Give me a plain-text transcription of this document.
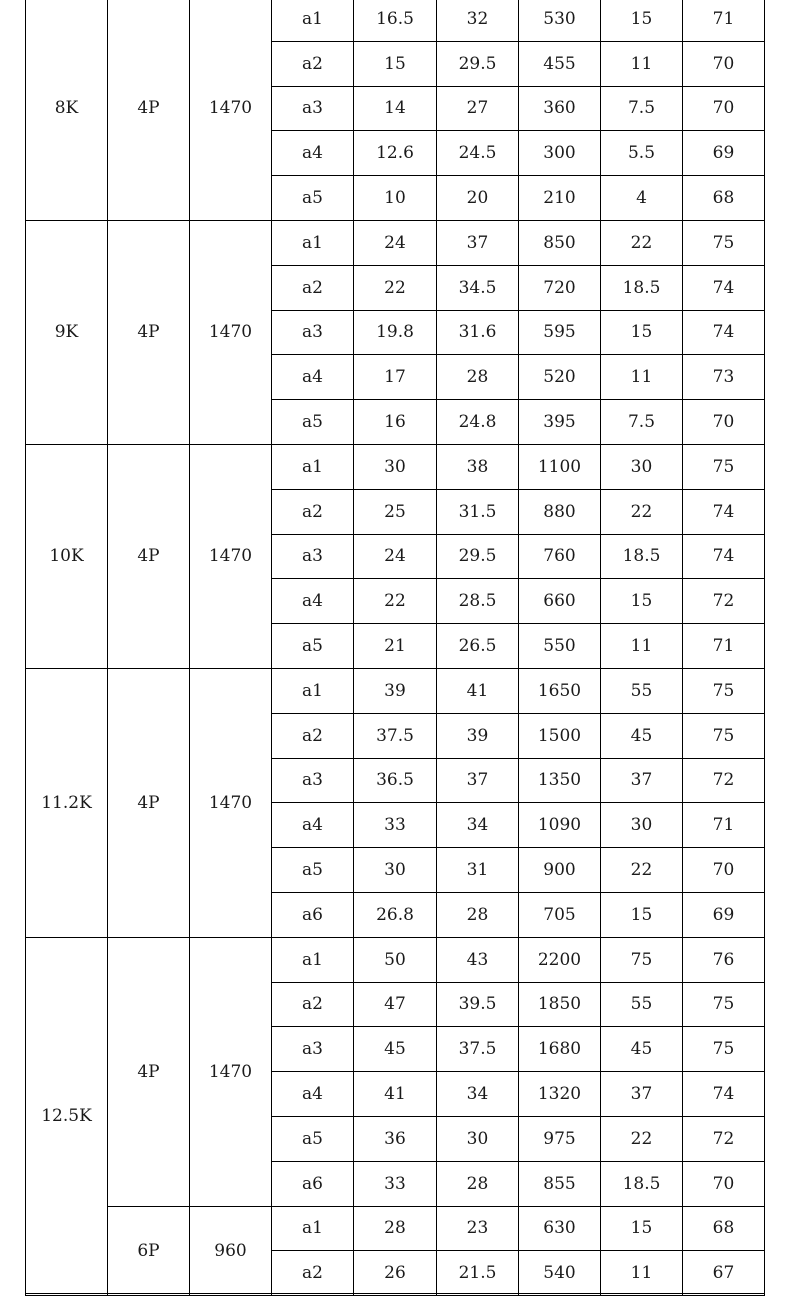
8K	4P	1470	a1	16.5	32	530	15	71
			a2	15	29.5	455	11	70
			a3	14	27	360	7.5	70
			a4	12.6	24.5	300	5.5	69
			a5	10	20	210	4	68
9K	4P	1470	a1	24	37	850	22	75
			a2	22	34.5	720	18.5	74
			a3	19.8	31.6	595	15	74
			a4	17	28	520	11	73
			a5	16	24.8	395	7.5	70
10K	4P	1470	a1	30	38	1100	30	75
			a2	25	31.5	880	22	74
			a3	24	29.5	760	18.5	74
			a4	22	28.5	660	15	72
			a5	21	26.5	550	11	71
11.2K	4P	1470	a1	39	41	1650	55	75
			a2	37.5	39	1500	45	75
			a3	36.5	37	1350	37	72
			a4	33	34	1090	30	71
			a5	30	31	900	22	70
			a6	26.8	28	705	15	69
12.5K	4P	1470	a1	50	43	2200	75	76
			a2	47	39.5	1850	55	75
			a3	45	37.5	1680	45	75
			a4	41	34	1320	37	74
			a5	36	30	975	22	72
			a6	33	28	855	18.5	70
	6P	960	a1	28	23	630	15	68
			a2	26	21.5	540	11	67
